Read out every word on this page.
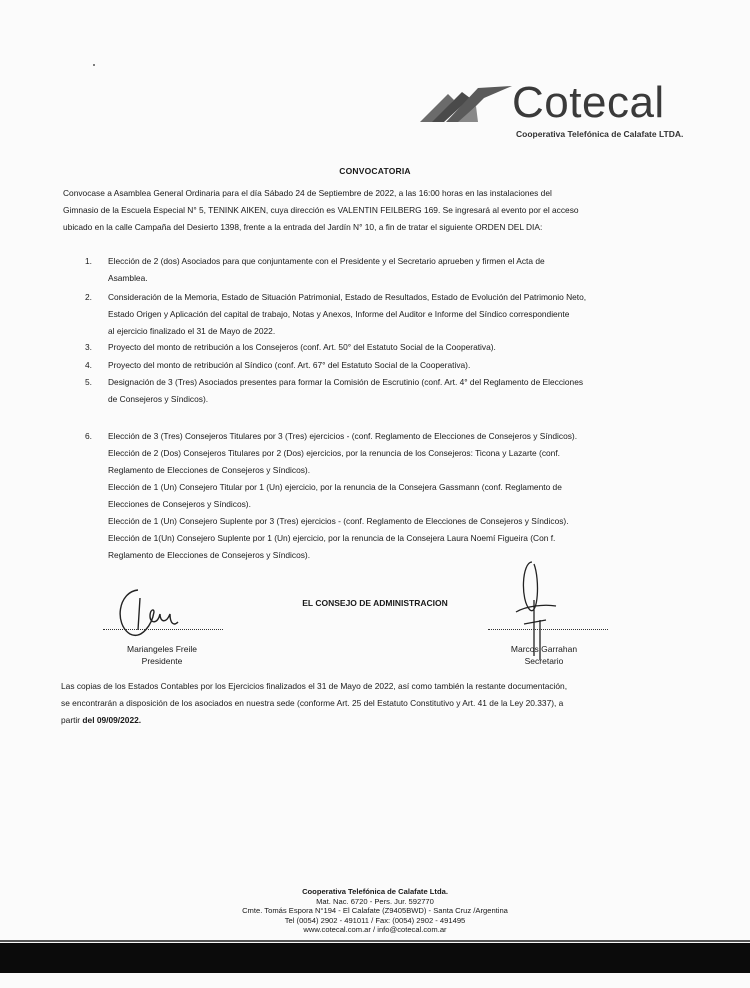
Cotecal
Cooperativa Telefónica de Calafate LTDA.
CONVOCATORIA
Convocase a Asamblea General Ordinaria para el día Sábado 24 de Septiembre de 2022, a las 16:00 horas en las instalaciones del
Gimnasio de la Escuela Especial N° 5, TENINK AIKEN, cuya dirección es VALENTIN FEILBERG 169. Se ingresará al evento por el acceso
ubicado en la calle Campaña del Desierto 1398, frente a la entrada del Jardín N° 10, a fin de tratar el siguiente ORDEN DEL DIA:
1. Elección de 2 (dos) Asociados para que conjuntamente con el Presidente y el Secretario aprueben y firmen el Acta de
Asamblea.
2. Consideración de la Memoria, Estado de Situación Patrimonial, Estado de Resultados, Estado de Evolución del Patrimonio Neto,
Estado Origen y Aplicación del capital de trabajo, Notas y Anexos, Informe del Auditor e Informe del Síndico correspondiente
al ejercicio finalizado el 31 de Mayo de 2022.
3. Proyecto del monto de retribución a los Consejeros (conf. Art. 50° del Estatuto Social de la Cooperativa).
4. Proyecto del monto de retribución al Síndico (conf. Art. 67° del Estatuto Social de la Cooperativa).
5. Designación de 3 (Tres) Asociados presentes para formar la Comisión de Escrutinio (conf. Art. 4° del Reglamento de Elecciones
de Consejeros y Síndicos).
6. Elección de 3 (Tres) Consejeros Titulares por 3 (Tres) ejercicios - (conf. Reglamento de Elecciones de Consejeros y Síndicos).
Elección de 2 (Dos) Consejeros Titulares por 2 (Dos) ejercicios, por la renuncia de los Consejeros: Ticona y Lazarte (conf.
Reglamento de Elecciones de Consejeros y Síndicos).
Elección de 1 (Un) Consejero Titular por 1 (Un) ejercicio, por la renuncia de la Consejera Gassmann (conf. Reglamento de
Elecciones de Consejeros y Síndicos).
Elección de 1 (Un) Consejero Suplente por 3 (Tres) ejercicios - (conf. Reglamento de Elecciones de Consejeros y Síndicos).
Elección de 1(Un) Consejero Suplente por 1 (Un) ejercicio, por la renuncia de la Consejera Laura Noemí Figueira (Con f.
Reglamento de Elecciones de Consejeros y Síndicos).
EL CONSEJO DE ADMINISTRACION
Mariangeles Freile
Presidente
Marcos Garrahan
Secretario
Las copias de los Estados Contables por los Ejercicios finalizados el 31 de Mayo de 2022, así como también la restante documentación,
se encontrarán a disposición de los asociados en nuestra sede (conforme Art. 25 del Estatuto Constitutivo y Art. 41 de la Ley 20.337), a
partir del 09/09/2022.
Cooperativa Telefónica de Calafate Ltda.
Mat. Nac. 6720 - Pers. Jur. 592770
Cmte. Tomás Espora N°194 - El Calafate (Z9405BWD) - Santa Cruz /Argentina
Tel (0054) 2902 - 491011 / Fax: (0054) 2902 - 491495
www.cotecal.com.ar / info@cotecal.com.ar
